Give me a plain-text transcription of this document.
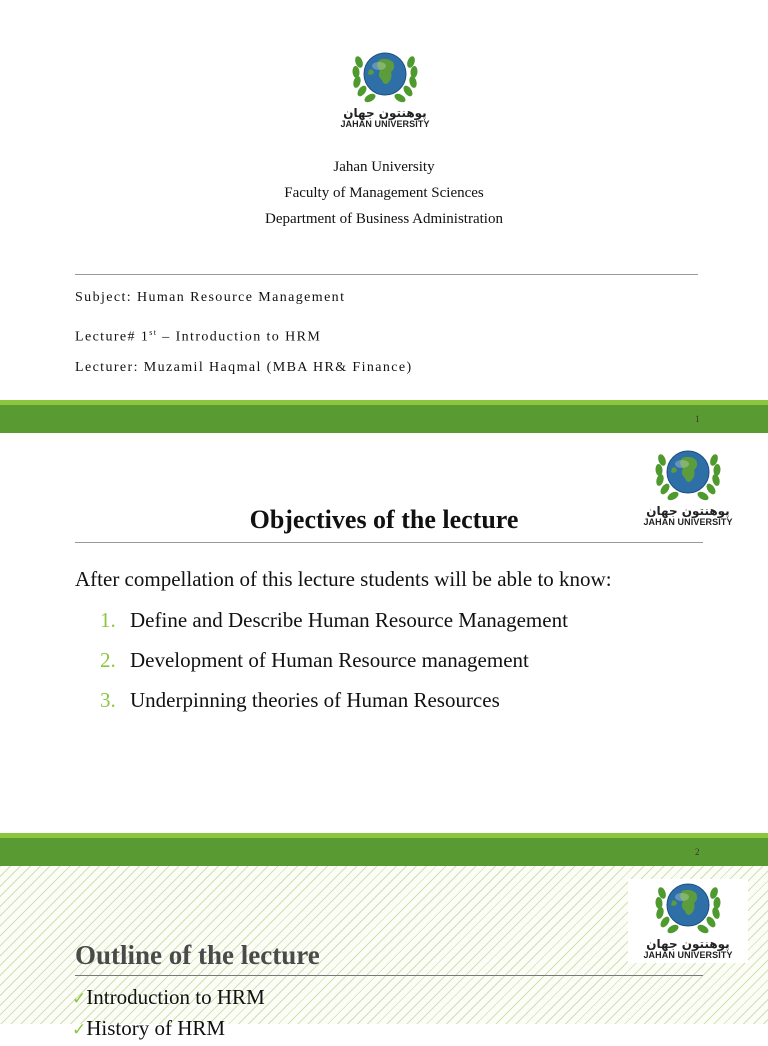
پوهنتون جهان
JAHAN UNIVERSITY
Jahan University
Faculty of Management Sciences
Department of Business Administration
Subject: Human Resource Management
Lecture# 1st – Introduction to HRM
Lecturer: Muzamil Haqmal (MBA HR& Finance)
1
پوهنتون جهان
JAHAN UNIVERSITY
Objectives of the lecture
After compellation of this lecture students will be able to know:
1. Define and Describe Human Resource Management
2. Development of Human Resource management
3. Underpinning theories of Human Resources
2
پوهنتون جهان
JAHAN UNIVERSITY
Outline of the lecture
✓Introduction to HRM
✓History of HRM
